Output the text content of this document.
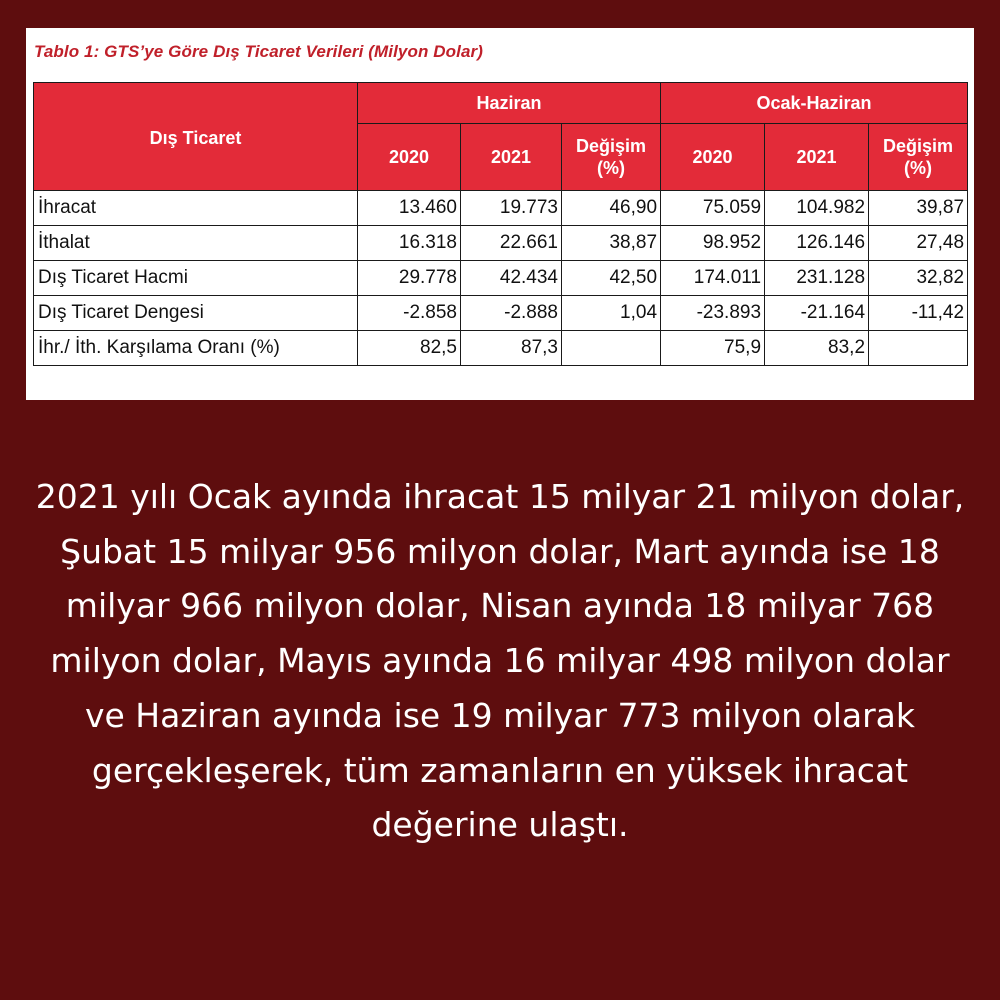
Tablo 1: GTS’ye Göre Dış Ticaret Verileri (Milyon Dolar)
Dış Ticaret	Haziran			Ocak-Haziran		
	2020	2021	Değişim (%)	2020	2021	Değişim (%)
İhracat	13.460	19.773	46,90	75.059	104.982	39,87
İthalat	16.318	22.661	38,87	98.952	126.146	27,48
Dış Ticaret Hacmi	29.778	42.434	42,50	174.011	231.128	32,82
Dış Ticaret Dengesi	-2.858	-2.888	1,04	-23.893	-21.164	-11,42
İhr./ İth. Karşılama Oranı (%)	82,5	87,3		75,9	83,2	
2021 yılı Ocak ayında ihracat 15 milyar 21 milyon dolar, Şubat 15 milyar 956 milyon dolar, Mart ayında ise 18 milyar 966 milyon dolar, Nisan ayında 18 milyar 768 milyon dolar, Mayıs ayında 16 milyar 498 milyon dolar ve Haziran ayında ise 19 milyar 773 milyon olarak gerçekleşerek, tüm zamanların en yüksek ihracat değerine ulaştı.
